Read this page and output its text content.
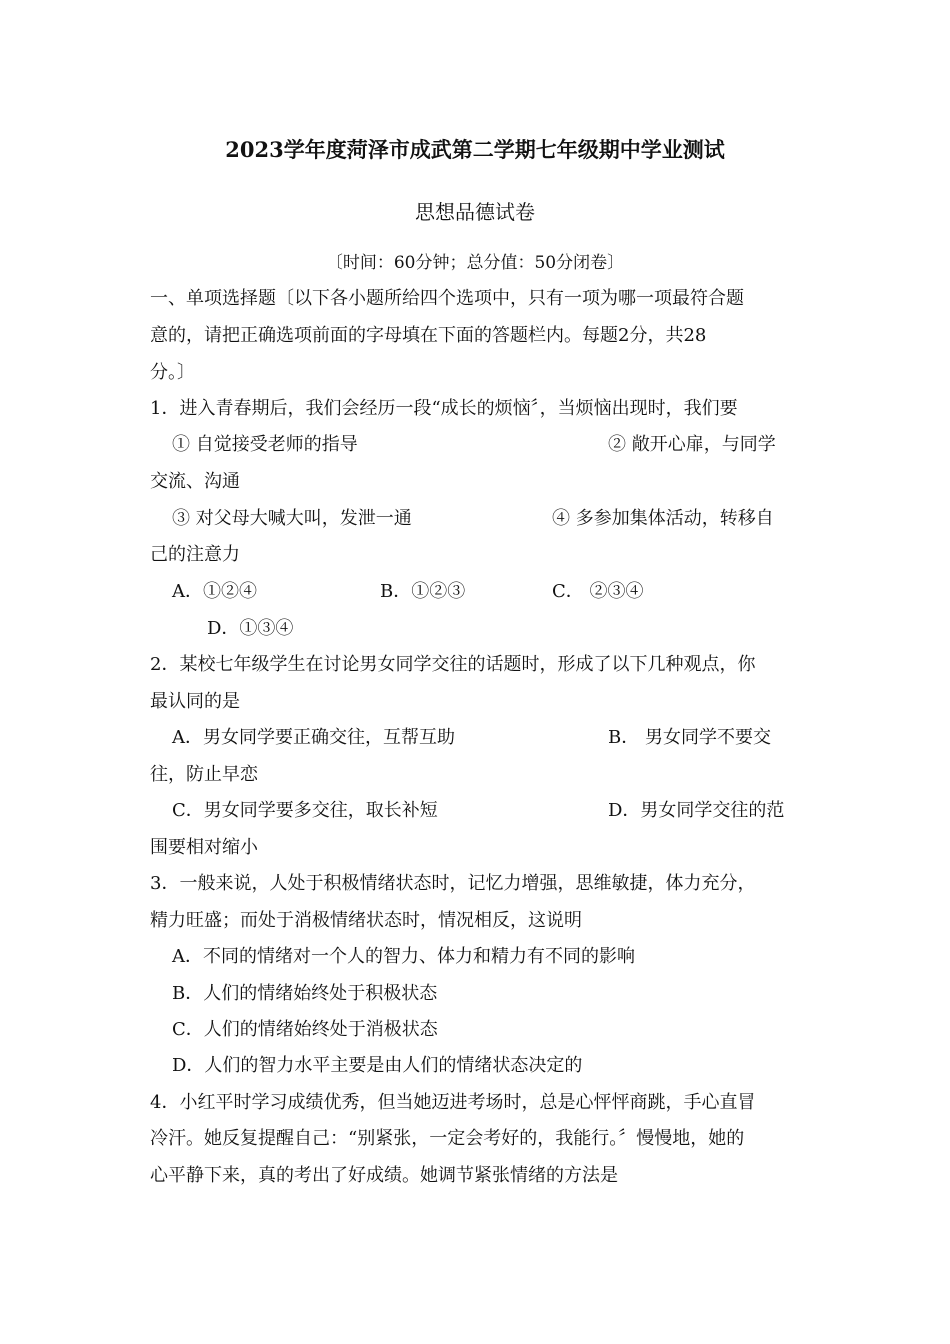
2023学年度菏泽市成武第二学期七年级期中学业测试
思想品德试卷
〔时间：60分钟；总分值：50分闭卷〕
一、单项选择题〔以下各小题所给四个选项中，只有一项为哪一项最符合题
意的，请把正确选项前面的字母填在下面的答题栏内。每题2分，共28
分。〕
1．进入青春期后，我们会经历一段“成长的烦恼〞，当烦恼出现时，我们要
① 自觉接受老师的指导	② 敞开心扉，与同学
交流、沟通
③ 对父母大喊大叫，发泄一通	④ 多参加集体活动，转移自
己的注意力
A．①②④	B．①②③	C． ②③④
D．①③④
2．某校七年级学生在讨论男女同学交往的话题时，形成了以下几种观点，你
最认同的是
A．男女同学要正确交往，互帮互助	B． 男女同学不要交
往，防止早恋
C．男女同学要多交往，取长补短	D．男女同学交往的范
围要相对缩小
3．一般来说，人处于积极情绪状态时，记忆力增强，思维敏捷，体力充分，
精力旺盛；而处于消极情绪状态时，情况相反，这说明
A．不同的情绪对一个人的智力、体力和精力有不同的影响
B．人们的情绪始终处于积极状态
C．人们的情绪始终处于消极状态
D．人们的智力水平主要是由人们的情绪状态决定的
4．小红平时学习成绩优秀，但当她迈进考场时，总是心怦怦商跳，手心直冒
冷汗。她反复提醒自己：“别紧张，一定会考好的，我能行。〞慢慢地，她的
心平静下来，真的考出了好成绩。她调节紧张情绪的方法是
